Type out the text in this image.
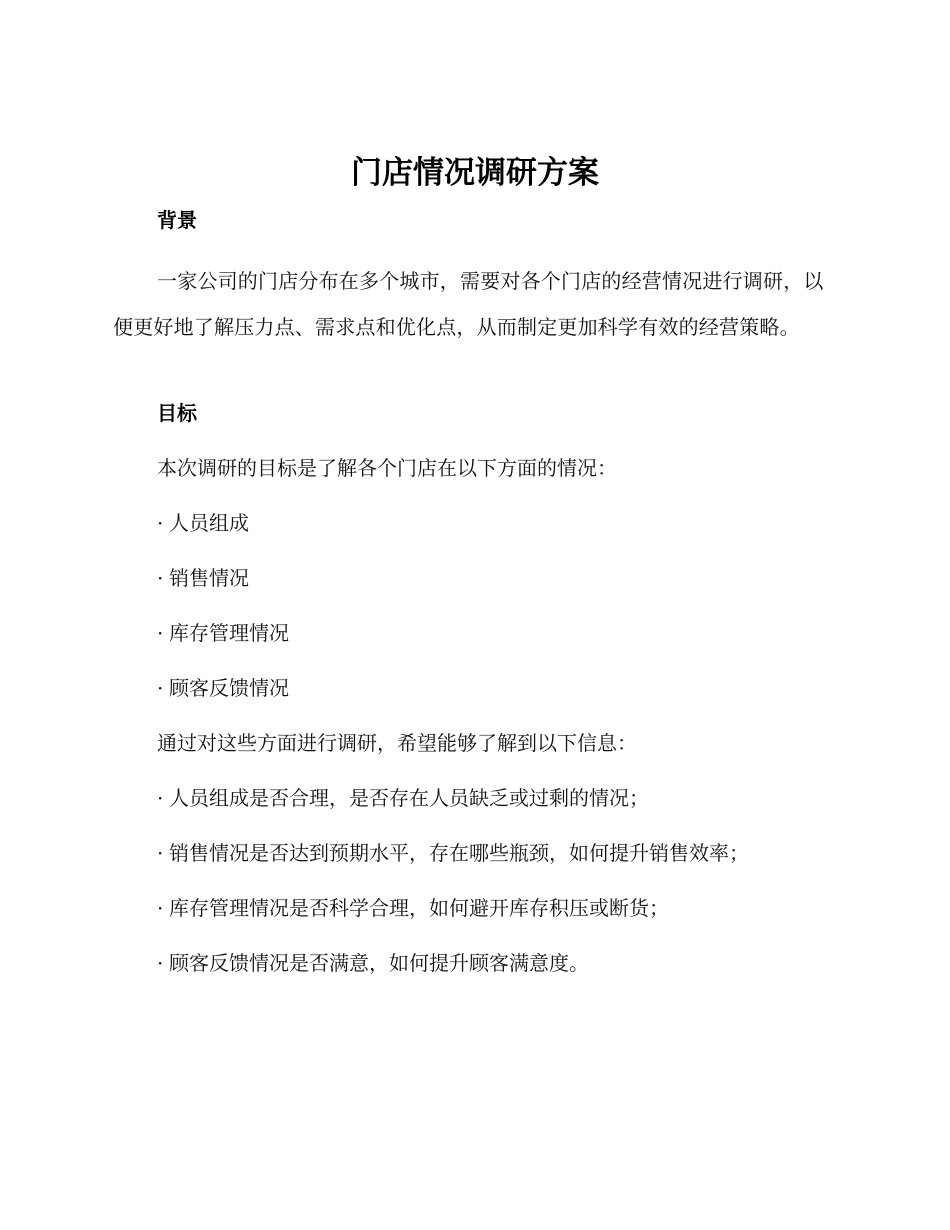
门店情况调研方案
背景

一家公司的门店分布在多个城市，需要对各个门店的经营情况进行调研，以便更好地了解压力点、需求点和优化点，从而制定更加科学有效的经营策略。

目标

本次调研的目标是了解各个门店在以下方面的情况：

· 人员组成

· 销售情况

· 库存管理情况

· 顾客反馈情况

通过对这些方面进行调研，希望能够了解到以下信息：

· 人员组成是否合理，是否存在人员缺乏或过剩的情况；

· 销售情况是否达到预期水平，存在哪些瓶颈，如何提升销售效率；

· 库存管理情况是否科学合理，如何避开库存积压或断货；

· 顾客反馈情况是否满意，如何提升顾客满意度。
